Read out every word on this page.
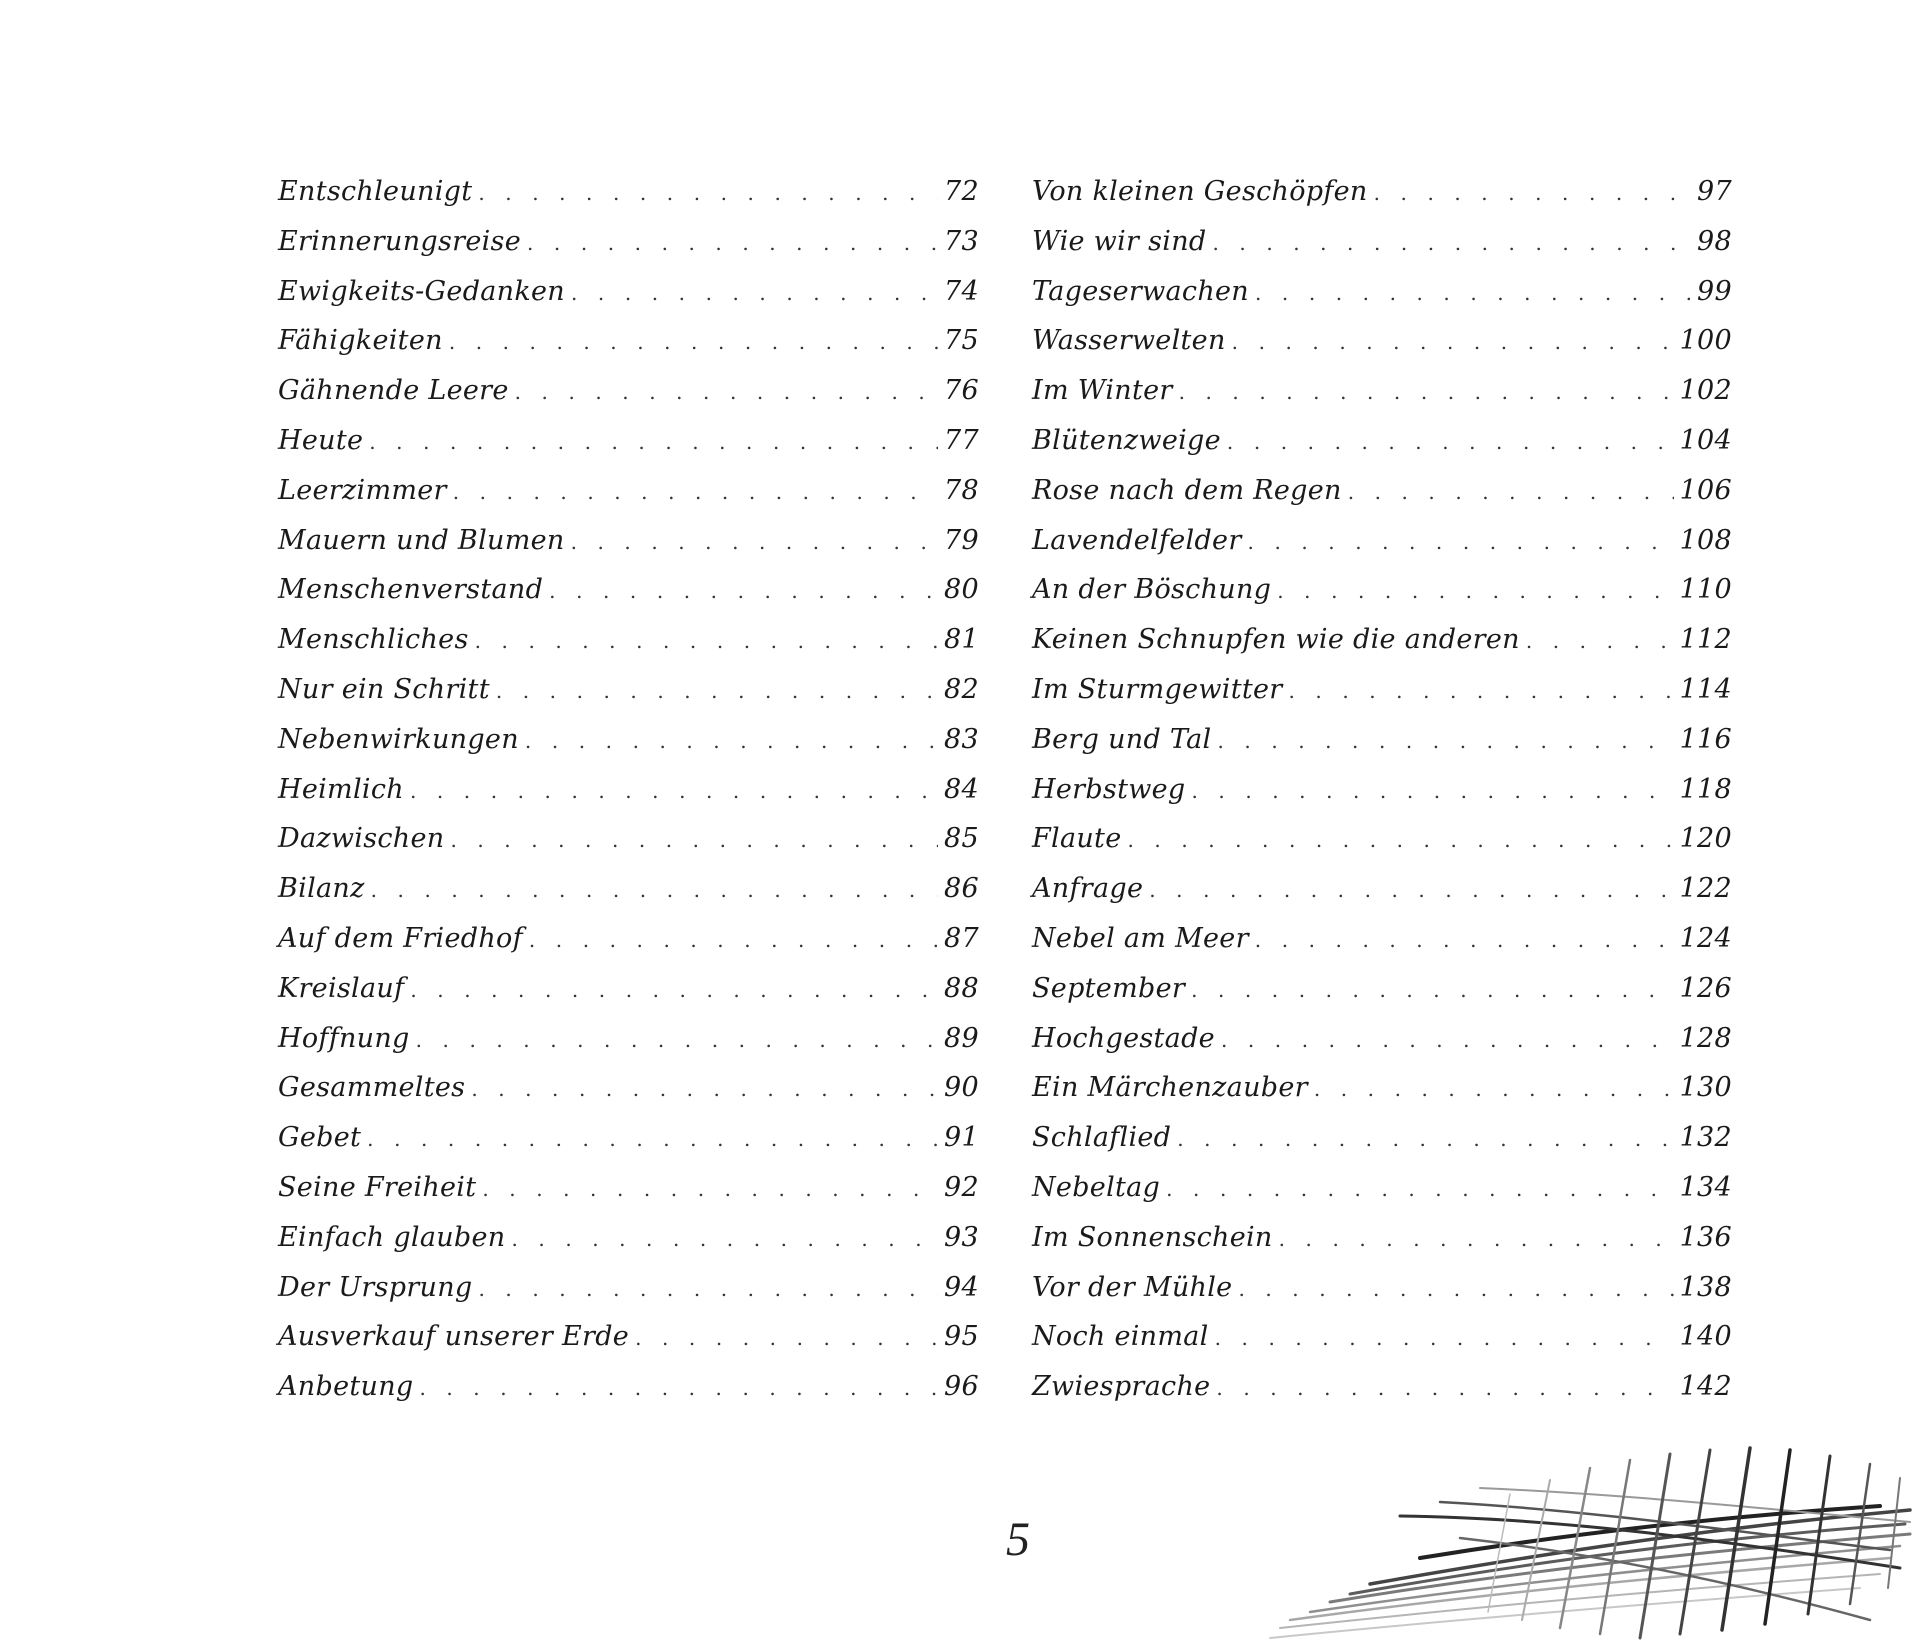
Entschleunigt . . .	72
Erinnerungsreise . . .	73
Ewigkeits-Gedanken . . .	74
Fähigkeiten . . .	75
Gähnende Leere . . .	76
Heute . . .	77
Leerzimmer . . .	78
Mauern und Blumen . . .	79
Menschenverstand . . .	80
Menschliches . . .	81
Nur ein Schritt . . .	82
Nebenwirkungen . . .	83
Heimlich . . .	84
Dazwischen . . .	85
Bilanz . . .	86
Auf dem Friedhof . . .	87
Kreislauf . . .	88
Hoffnung . . .	89
Gesammeltes . . .	90
Gebet . . .	91
Seine Freiheit . . .	92
Einfach glauben . . .	93
Der Ursprung . . .	94
Ausverkauf unserer Erde . . .	95
Anbetung . . .	96
Von kleinen Geschöpfen . . .	97
Wie wir sind . . .	98
Tageserwachen . . .	99
Wasserwelten . . .	100
Im Winter . . .	102
Blütenzweige . . .	104
Rose nach dem Regen . . .	106
Lavendelfelder . . .	108
An der Böschung . . .	110
Keinen Schnupfen wie die anderen . . .	112
Im Sturmgewitter . . .	114
Berg und Tal . . .	116
Herbstweg . . .	118
Flaute . . .	120
Anfrage . . .	122
Nebel am Meer . . .	124
September . . .	126
Hochgestade . . .	128
Ein Märchenzauber . . .	130
Schlaflied . . .	132
Nebeltag . . .	134
Im Sonnenschein . . .	136
Vor der Mühle . . .	138
Noch einmal . . .	140
Zwiesprache . . .	142
5
